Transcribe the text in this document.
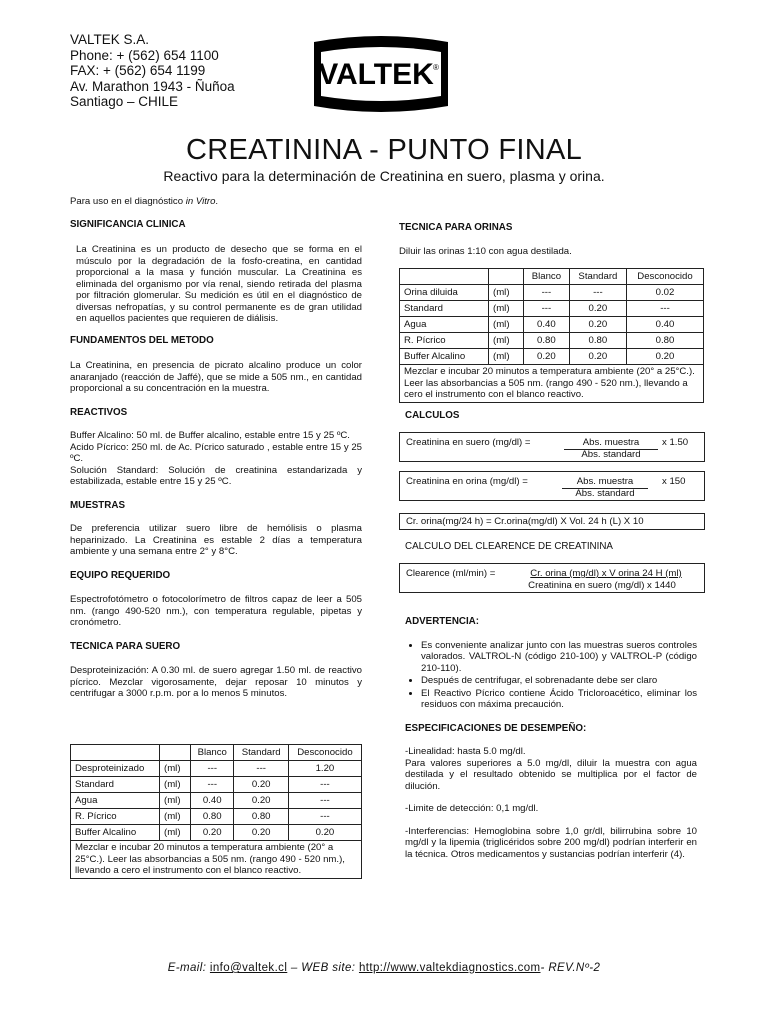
VALTEK S.A.
Phone: + (562) 654 1100
FAX: + (562) 654 1199
Av. Marathon 1943 - Ñuñoa
Santiago – CHILE
VALTEK ®
CREATININA - PUNTO FINAL
Reactivo para la determinación de Creatinina en suero, plasma y orina.

Para uso en el diagnóstico in Vitro.

SIGNIFICANCIA CLINICA

La Creatinina es un producto de desecho que se forma en el músculo por la degradación de la fosfo-creatina, en cantidad proporcional a la masa y función muscular. La Creatinina es eliminada del organismo por vía renal, siendo retirada del plasma por filtración glomerular. Su medición es útil en el diagnóstico de diversas nefropatías, y su control permanente es de gran utilidad en aquellos pacientes que requieren de diálisis.

FUNDAMENTOS DEL METODO

La Creatinina, en presencia de picrato alcalino produce un color anaranjado (reacción de Jaffé), que se mide a 505 nm., en cantidad proporcional a su concentración en la muestra.

REACTIVOS

Buffer Alcalino: 50 ml. de Buffer alcalino, estable entre 15 y 25 ºC.

Acido Pícrico: 250 ml. de Ac. Pícrico saturado , estable entre 15 y 25 ºC.

Solución Standard: Solución de creatinina estandarizada y estabilizada, estable entre 15 y 25 ºC.

MUESTRAS

De preferencia utilizar suero libre de hemólisis o plasma heparinizado. La Creatinina es estable 2 días a temperatura ambiente y una semana entre 2° y 8°C.

EQUIPO REQUERIDO

Espectrofotómetro o fotocolorímetro de filtros capaz de leer a 505 nm. (rango 490-520 nm.), con temperatura regulable, pipetas y cronómetro.

TECNICA PARA SUERO

Desproteinización: A 0.30 ml. de suero agregar 1.50 ml. de reactivo pícrico. Mezclar vigorosamente, dejar reposar 10 minutos y centrifugar a 3000 r.p.m. por a lo menos 5 minutos.

		Blanco	Standard	Desconocido
Desproteinizado	(ml)	---	---	1.20
Standard	(ml)	---	0.20	---
Agua	(ml)	0.40	0.20	---
R. Pícrico	(ml)	0.80	0.80	---
Buffer Alcalino	(ml)	0.20	0.20	0.20
Mezclar e incubar 20 minutos a temperatura ambiente (20° a 25°C.). Leer las absorbancias a 505 nm. (rango 490 - 520 nm.), llevando a cero el instrumento con el blanco reactivo.				
TECNICA PARA ORINAS

Diluir las orinas 1:10 con agua destilada.

		Blanco	Standard	Desconocido
Orina diluida	(ml)	---	---	0.02
Standard	(ml)	---	0.20	---
Agua	(ml)	0.40	0.20	0.40
R. Pícrico	(ml)	0.80	0.80	0.80
Buffer Alcalino	(ml)	0.20	0.20	0.20
Mezclar e incubar 20 minutos a temperatura ambiente (20° a 25°C.). Leer las absorbancias a 505 nm. (rango 490 - 520 nm.), llevando a cero el instrumento con el blanco reactivo.				
CALCULOS
Creatinina en suero (mg/dl) =	Abs. muestra
Abs. standard
x 1.50
Creatinina en orina (mg/dl) =	Abs. muestra
Abs. standard
x 150
Cr. orina(mg/24 h) = Cr.orina(mg/dl) X Vol. 24 h (L) X 10
CALCULO DEL CLEARENCE DE CREATININA
Clearence (ml/min) =	Cr. orina (mg/dl) x V orina 24 H (ml)
Creatinina en suero (mg/dl) x 1440
ADVERTENCIA:
• Es conveniente analizar junto con las muestras sueros controles valorados. VALTROL-N (código 210-100) y VALTROL-P (código 210-110).
• Después de centrifugar, el sobrenadante debe ser claro
• El Reactivo Pícrico contiene Ácido Tricloroacético, eliminar los residuos con máxima precaución.
ESPECIFICACIONES DE DESEMPEÑO:

-Linealidad: hasta 5.0 mg/dl.

Para valores superiores a 5.0 mg/dl, diluir la muestra con agua destilada y el resultado obtenido se multiplica por el factor de dilución.

-Limite de detección: 0,1 mg/dl.

-Interferencias: Hemoglobina sobre 1,0 gr/dl, bilirrubina sobre 10 mg/dl y la lipemia (triglicéridos sobre 200 mg/dl) podrían interferir en la técnica. Otros medicamentos y sustancias podrían interferir (4).

E-mail: info@valtek.cl – WEB site: http://www.valtekdiagnostics.com- REV.Nº-2
